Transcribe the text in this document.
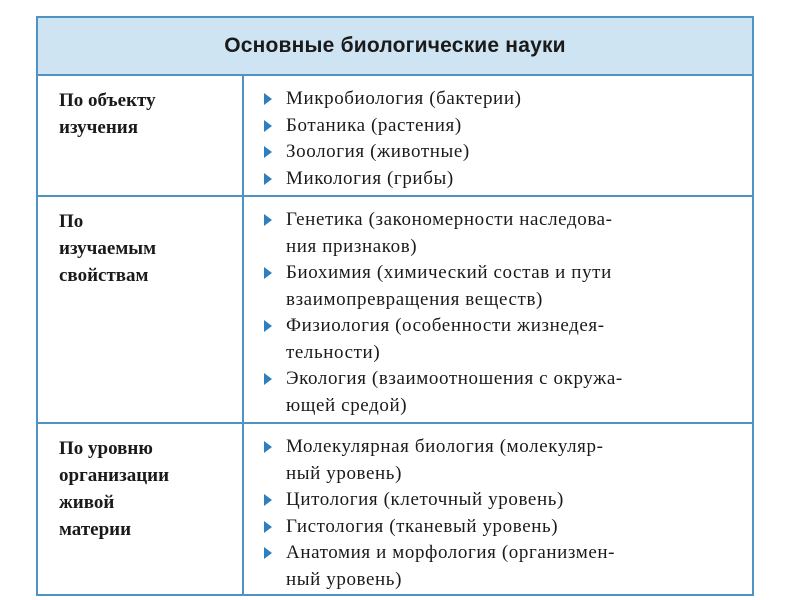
Основные биологические науки
По объекту
изучения
Микробиология (бактерии)
Ботаника (растения)
Зоология (животные)
Микология (грибы)
По
изучаемым
свойствам
Генетика (закономерности наследова-
ния признаков)
Биохимия (химический состав и пути
взаимопревращения веществ)
Физиология (особенности жизнедея-
тельности)
Экология (взаимоотношения с окружа-
ющей средой)
По уровню
организации
живой
материи
Молекулярная биология (молекуляр-
ный уровень)
Цитология (клеточный уровень)
Гистология (тканевый уровень)
Анатомия и морфология (организмен-
ный уровень)
